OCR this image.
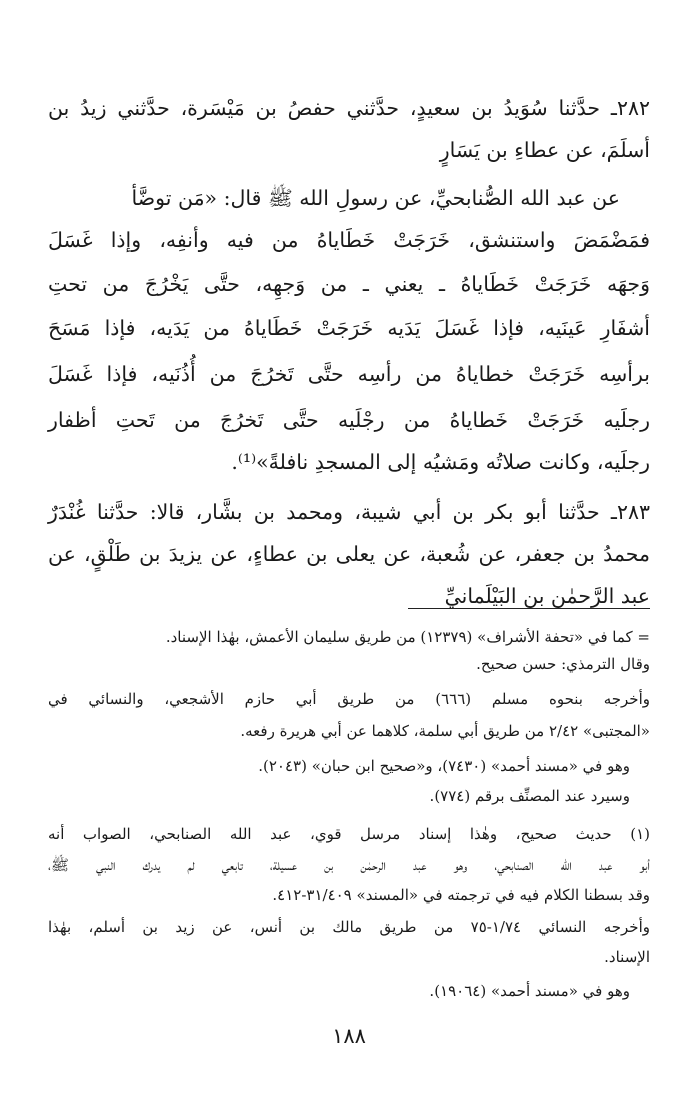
٢٨٢ـ حدَّثنا سُوَيدُ بن سعيدٍ، حدَّثني حفصُ بن مَيْسَرة، حدَّثني زيدُ بن

أسلَمَ، عن عطاءِ بن يَسَارٍ

عن عبد الله الصُّنابحيِّ، عن رسولِ الله ﷺ قال: «مَن توضَّأ

فمَضْمَضَ واستنشق، خَرَجَتْ خَطَاياهُ من فيه وأنفِه، وإذا غَسَلَ

وَجهَه خَرَجَتْ خَطَاياهُ ـ يعني ـ من وَجهِه، حتَّى يَخْرُجَ من تحتِ

أشفَارِ عَينَيه، فإذا غَسَلَ يَدَيه خَرَجَتْ خَطَاياهُ من يَدَيه، فإذا مَسَحَ

برأسِه خَرَجَتْ خطاياهُ من رأسِه حتَّى تَخرُجَ من أُذُنَيه، فإذا غَسَلَ

رجلَيه خَرَجَتْ خَطاياهُ من رجْلَيه حتَّى تَخرُجَ من تَحتِ أظفار

رجلَيه، وكانت صلاتُه ومَشيُه إلى المسجدِ نافلةً»⁽¹⁾.

٢٨٣ـ حدَّثنا أبو بكر بن أبي شيبة، ومحمد بن بشَّار، قالا: حدَّثنا غُنْدَرٌ

محمدُ بن جعفر، عن شُعبة، عن يعلى بن عطاءٍ، عن يزيدَ بن طَلْقٍ، عن

عبد الرَّحمٰن بن البَيْلَمانيِّ

= كما في «تحفة الأشراف» (١٢٣٧٩) من طريق سليمان الأعمش، بهٰذا الإسناد.

وقال الترمذي: حسن صحيح.

وأخرجه بنحوه مسلم (٦٦٦) من طريق أبي حازم الأشجعي، والنسائي في

«المجتبى» ٢/٤٢ من طريق أبي سلمة، كلاهما عن أبي هريرة رفعه.

وهو في «مسند أحمد» (٧٤٣٠)، و«صحيح ابن حبان» (٢٠٤٣).

وسيرد عند المصنِّف برقم (٧٧٤).

(١) حديث صحيح، وهٰذا إسناد مرسل قوي، عبد الله الصنابحي، الصواب أنه

أبو عبد الله الصنابحي، وهو عبد الرحمٰن بن عسيلة، تابعي لم يدرك النبي ﷺ،

وقد بسطنا الكلام فيه في ترجمته في «المسند» ٣١/٤٠٩-٤١٢.

وأخرجه النسائي ١/٧٤-٧٥ من طريق مالك بن أنس، عن زيد بن أسلم، بهٰذا

الإسناد.

وهو في «مسند أحمد» (١٩٠٦٤).

١٨٨
